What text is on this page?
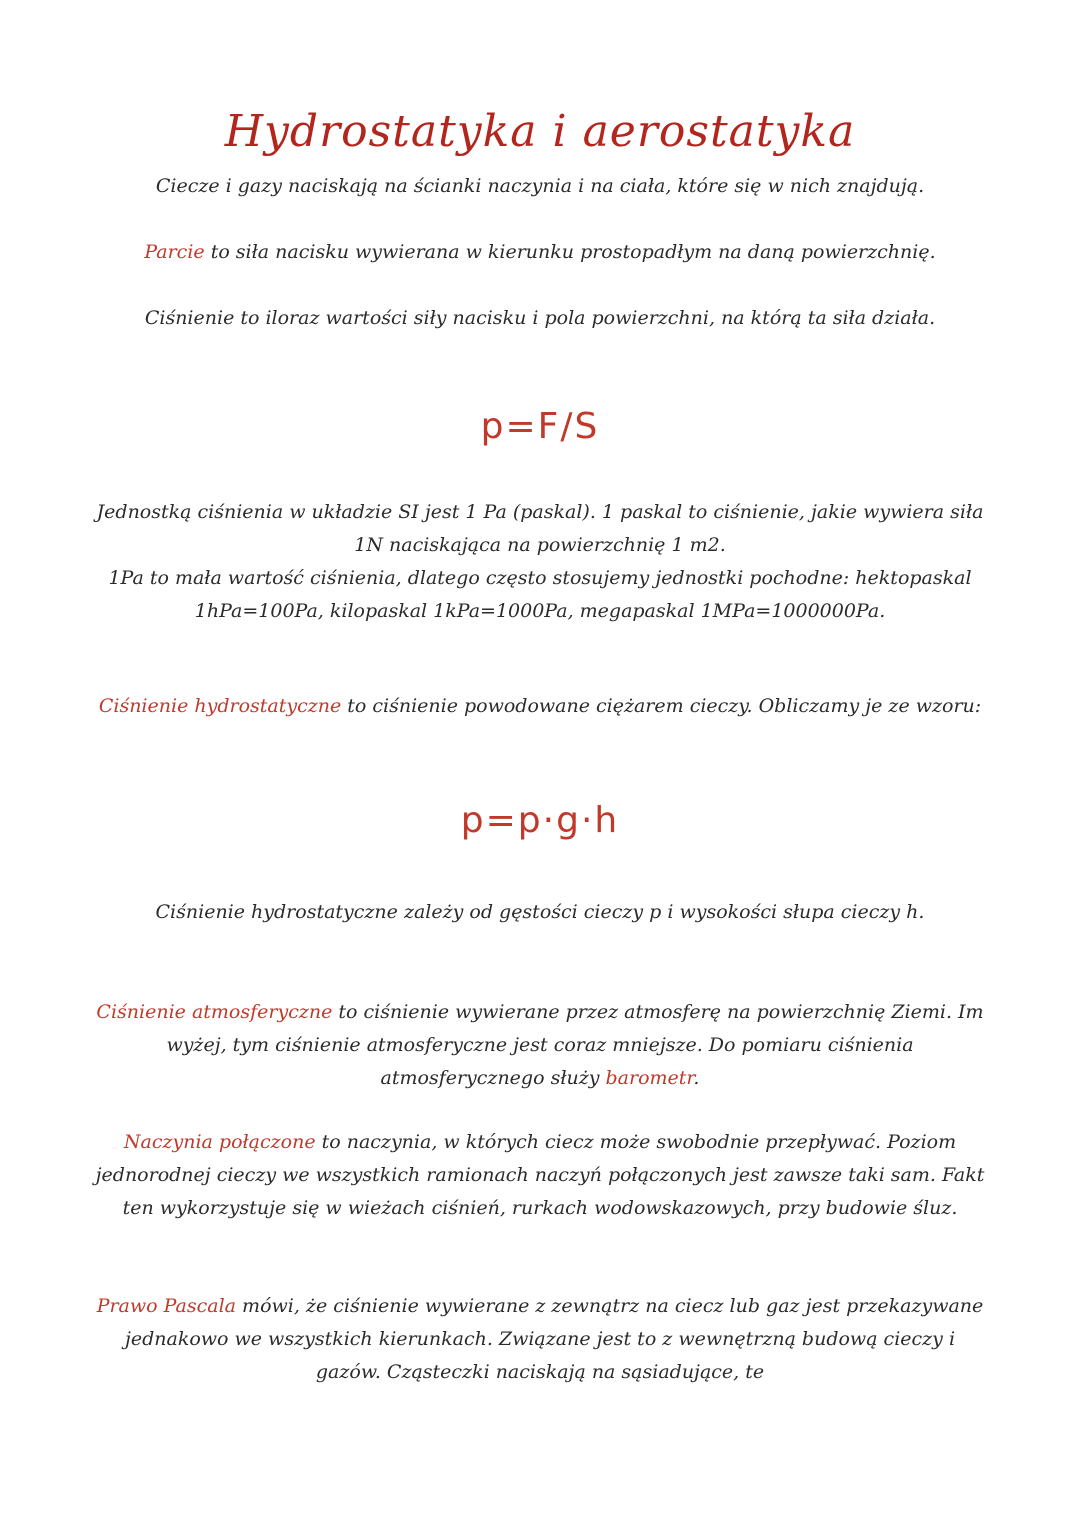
Hydrostatyka i aerostatyka
Ciecze i gazy naciskają na ścianki naczynia i na ciała, które się w nich znajdują.
Parcie to siła nacisku wywierana w kierunku prostopadłym na daną powierzchnię.
Ciśnienie to iloraz wartości siły nacisku i pola powierzchni, na którą ta siła działa.
p=F/S
Jednostką ciśnienia w układzie SI jest 1 Pa (paskal). 1 paskal to ciśnienie, jakie wywiera siła 1N naciskająca na powierzchnię 1 m2.
1Pa to mała wartość ciśnienia, dlatego często stosujemy jednostki pochodne: hektopaskal 1hPa=100Pa, kilopaskal 1kPa=1000Pa, megapaskal 1MPa=1000000Pa.
Ciśnienie hydrostatyczne to ciśnienie powodowane ciężarem cieczy. Obliczamy je ze wzoru:
p=p·g·h
Ciśnienie hydrostatyczne zależy od gęstości cieczy p i wysokości słupa cieczy h.
Ciśnienie atmosferyczne to ciśnienie wywierane przez atmosferę na powierzchnię Ziemi. Im wyżej, tym ciśnienie atmosferyczne jest coraz mniejsze. Do pomiaru ciśnienia atmosferycznego służy barometr.
Naczynia połączone to naczynia, w których ciecz może swobodnie przepływać. Poziom jednorodnej cieczy we wszystkich ramionach naczyń połączonych jest zawsze taki sam. Fakt ten wykorzystuje się w wieżach ciśnień, rurkach wodowskazowych, przy budowie śluz.
Prawo Pascala mówi, że ciśnienie wywierane z zewnątrz na ciecz lub gaz jest przekazywane jednakowo we wszystkich kierunkach. Związane jest to z wewnętrzną budową cieczy i gazów. Cząsteczki naciskają na sąsiadujące, te
